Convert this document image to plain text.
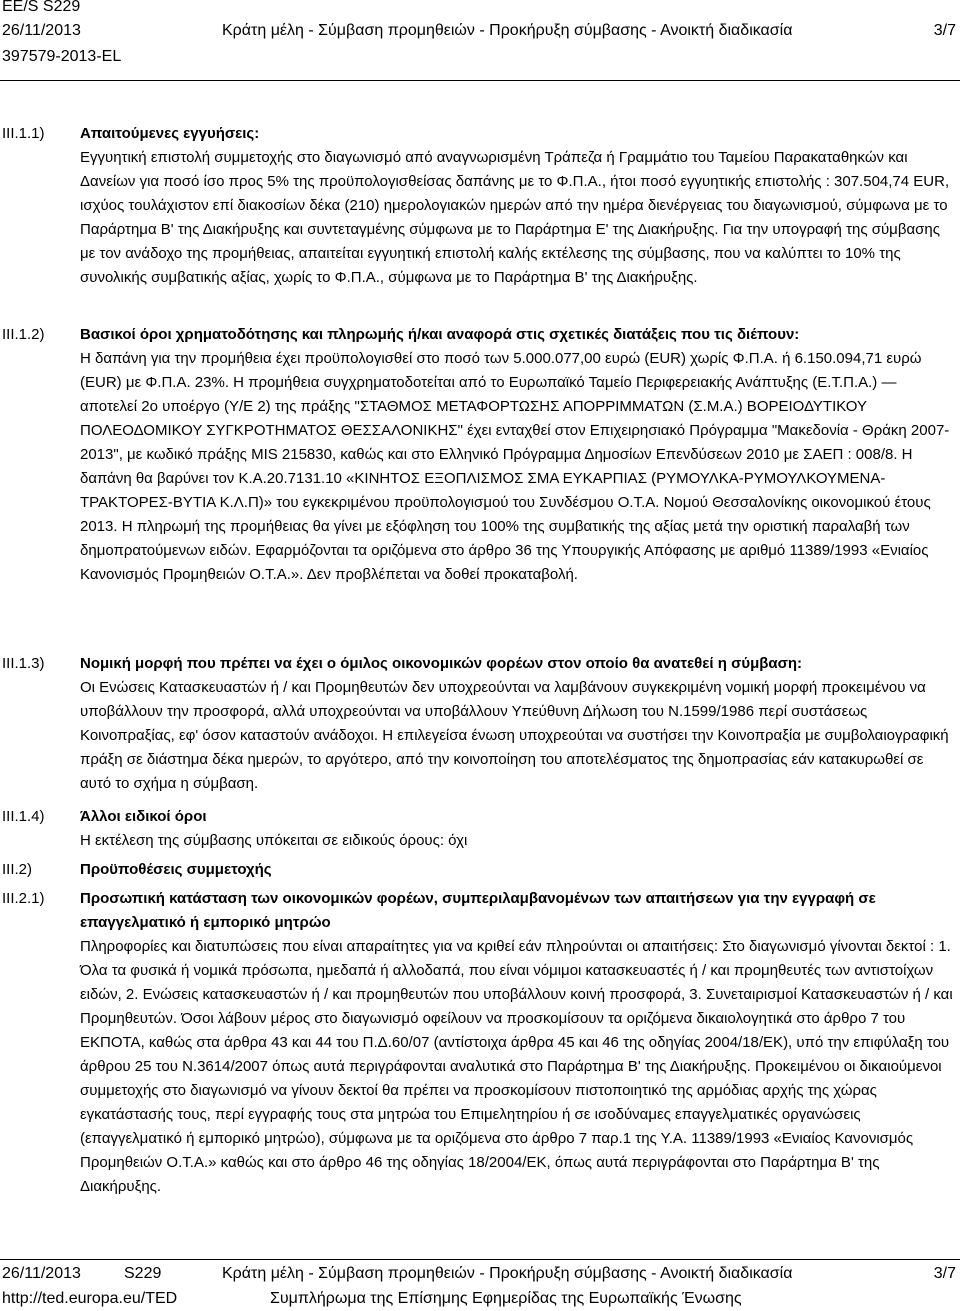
EE/S S229
26/11/2013
397579-2013-EL
Κράτη μέλη - Σύμβαση προμηθειών - Προκήρυξη σύμβασης - Ανοικτή διαδικασία	3/7
III.1.1)
III.1.2)
III.1.3)
III.1.4)
III.2)
III.2.1)

Απαιτούμενες εγγυήσεις:

Εγγυητική επιστολή συμμετοχής στο διαγωνισμό από αναγνωρισμένη Τράπεζα ή Γραμμάτιο του Ταμείου Παρακαταθηκών και Δανείων για ποσό ίσο προς 5% της προϋπολογισθείσας δαπάνης με το Φ.Π.Α., ήτοι ποσό εγγυητικής επιστολής : 307.504,74 EUR, ισχύος τουλάχιστον επί διακοσίων δέκα (210) ημερολογιακών ημερών από την ημέρα διενέργειας του διαγωνισμού, σύμφωνα με το Παράρτημα Β' της Διακήρυξης και συντεταγμένης σύμφωνα με το Παράρτημα Ε' της Διακήρυξης. Για την υπογραφή της σύμβασης με τον ανάδοχο της προμήθειας, απαιτείται εγγυητική επιστολή καλής εκτέλεσης της σύμβασης, που να καλύπτει το 10% της συνολικής συμβατικής αξίας, χωρίς το Φ.Π.Α., σύμφωνα με το Παράρτημα Β' της Διακήρυξης.

Βασικοί όροι χρηματοδότησης και πληρωμής ή/και αναφορά στις σχετικές διατάξεις που τις διέπουν:

Η δαπάνη για την προμήθεια έχει προϋπολογισθεί στο ποσό των 5.000.077,00 ευρώ (EUR) χωρίς Φ.Π.Α. ή 6.150.094,71 ευρώ (EUR) με Φ.Π.Α. 23%. Η προμήθεια συγχρηματοδοτείται από το Ευρωπαϊκό Ταμείο Περιφερειακής Ανάπτυξης (Ε.Τ.Π.Α.) — αποτελεί 2ο υποέργο (Υ/Ε 2) της πράξης "ΣΤΑΘΜΟΣ ΜΕΤΑΦΟΡΤΩΣΗΣ ΑΠΟΡΡΙΜΜΑΤΩΝ (Σ.Μ.Α.) ΒΟΡΕΙΟΔΥΤΙΚΟΥ ΠΟΛΕΟΔΟΜΙΚΟΥ ΣΥΓΚΡΟΤΗΜΑΤΟΣ ΘΕΣΣΑΛΟΝΙΚΗΣ" έχει ενταχθεί στον Επιχειρησιακό Πρόγραμμα "Μακεδονία - Θράκη 2007-2013", με κωδικό πράξης MIS 215830, καθώς και στο Ελληνικό Πρόγραμμα Δημοσίων Επενδύσεων 2010 με ΣΑΕΠ : 008/8. Η δαπάνη θα βαρύνει τον Κ.Α.20.7131.10 «ΚΙΝΗΤΟΣ ΕΞΟΠΛΙΣΜΟΣ ΣΜΑ ΕΥΚΑΡΠΙΑΣ (ΡΥΜΟΥΛΚΑ-ΡΥΜΟΥΛΚΟΥΜΕΝΑ-ΤΡΑΚΤΟΡΕΣ-ΒΥΤΙΑ Κ.Λ.Π)» του εγκεκριμένου προϋπολογισμού του Συνδέσμου Ο.Τ.Α. Νομού Θεσσαλονίκης οικονομικού έτους 2013. Η πληρωμή της προμήθειας θα γίνει με εξόφληση του 100% της συμβατικής της αξίας μετά την οριστική παραλαβή των δημοπρατούμενων ειδών. Εφαρμόζονται τα οριζόμενα στο άρθρο 36 της Υπουργικής Απόφασης με αριθμό 11389/1993 «Ενιαίος Κανονισμός Προμηθειών Ο.Τ.Α.». Δεν προβλέπεται να δοθεί προκαταβολή.

Νομική μορφή που πρέπει να έχει ο όμιλος οικονομικών φορέων στον οποίο θα ανατεθεί η σύμβαση:

Οι Ενώσεις Κατασκευαστών ή / και Προμηθευτών δεν υποχρεούνται να λαμβάνουν συγκεκριμένη νομική μορφή προκειμένου να υποβάλλουν την προσφορά, αλλά υποχρεούνται να υποβάλλουν Υπεύθυνη Δήλωση του Ν.1599/1986 περί συστάσεως Κοινοπραξίας, εφ' όσον καταστούν ανάδοχοι. Η επιλεγείσα ένωση υποχρεούται να συστήσει την Κοινοπραξία με συμβολαιογραφική πράξη σε διάστημα δέκα ημερών, το αργότερο, από την κοινοποίηση του αποτελέσματος της δημοπρασίας εάν κατακυρωθεί σε αυτό το σχήμα η σύμβαση.

Άλλοι ειδικοί όροι

Η εκτέλεση της σύμβασης υπόκειται σε ειδικούς όρους: όχι

Προϋποθέσεις συμμετοχής

Προσωπική κατάσταση των οικονομικών φορέων, συμπεριλαμβανομένων των απαιτήσεων για την εγγραφή σε επαγγελματικό ή εμπορικό μητρώο

Πληροφορίες και διατυπώσεις που είναι απαραίτητες για να κριθεί εάν πληρούνται οι απαιτήσεις: Στο διαγωνισμό γίνονται δεκτοί : 1. Όλα τα φυσικά ή νομικά πρόσωπα, ημεδαπά ή αλλοδαπά, που είναι νόμιμοι κατασκευαστές ή / και προμηθευτές των αντιστοίχων ειδών, 2. Ενώσεις κατασκευαστών ή / και προμηθευτών που υποβάλλουν κοινή προσφορά, 3. Συνεταιρισμοί Κατασκευαστών ή / και Προμηθευτών. Όσοι λάβουν μέρος στο διαγωνισμό οφείλουν να προσκομίσουν τα οριζόμενα δικαιολογητικά στο άρθρο 7 του ΕΚΠΟΤΑ, καθώς στα άρθρα 43 και 44 του Π.Δ.60/07 (αντίστοιχα άρθρα 45 και 46 της οδηγίας 2004/18/ΕΚ), υπό την επιφύλαξη του άρθρου 25 του Ν.3614/2007 όπως αυτά περιγράφονται αναλυτικά στο Παράρτημα Β' της Διακήρυξης. Προκειμένου οι δικαιούμενοι συμμετοχής στο διαγωνισμό να γίνουν δεκτοί θα πρέπει να προσκομίσουν πιστοποιητικό της αρμόδιας αρχής της χώρας εγκατάστασής τους, περί εγγραφής τους στα μητρώα του Επιμελητηρίου ή σε ισοδύναμες επαγγελματικές οργανώσεις (επαγγελματικό ή εμπορικό μητρώο), σύμφωνα με τα οριζόμενα στο άρθρο 7 παρ.1 της Υ.Α. 11389/1993 «Ενιαίος Κανονισμός Προμηθειών Ο.Τ.Α.» καθώς και στο άρθρο 46 της οδηγίας 18/2004/ΕΚ, όπως αυτά περιγράφονται στο Παράρτημα Β' της Διακήρυξης.

26/11/2013	S229
http://ted.europa.eu/TED
Κράτη μέλη - Σύμβαση προμηθειών - Προκήρυξη σύμβασης - Ανοικτή διαδικασία
Συμπλήρωμα της Επίσημης Εφημερίδας της Ευρωπαϊκής Ένωσης
3/7
